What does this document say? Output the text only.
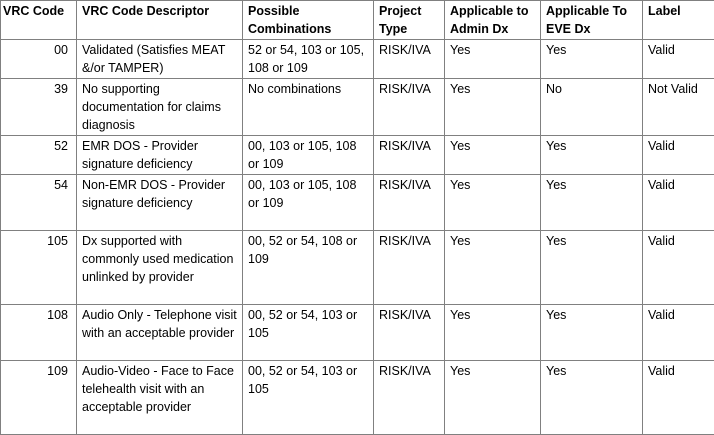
VRC Code	VRC Code Descriptor	Possible Combinations	Project Type	Applicable to Admin Dx	Applicable To EVE Dx	Label
00	Validated (Satisfies MEAT &/or TAMPER)	52 or 54, 103 or 105, 108 or 109	RISK/IVA	Yes	Yes	Valid
39	No supporting documentation for claims diagnosis	No combinations	RISK/IVA	Yes	No	Not Valid
52	EMR DOS - Provider signature deficiency	00, 103 or 105, 108 or 109	RISK/IVA	Yes	Yes	Valid
54	Non-EMR DOS - Provider signature deficiency	00, 103 or 105, 108 or 109	RISK/IVA	Yes	Yes	Valid
105	Dx supported with commonly used medication unlinked by provider	00, 52 or 54, 108 or 109	RISK/IVA	Yes	Yes	Valid
108	Audio Only - Telephone visit with an acceptable provider	00, 52 or 54, 103 or 105	RISK/IVA	Yes	Yes	Valid
109	Audio-Video - Face to Face telehealth visit with an acceptable provider	00, 52 or 54, 103 or 105	RISK/IVA	Yes	Yes	Valid
